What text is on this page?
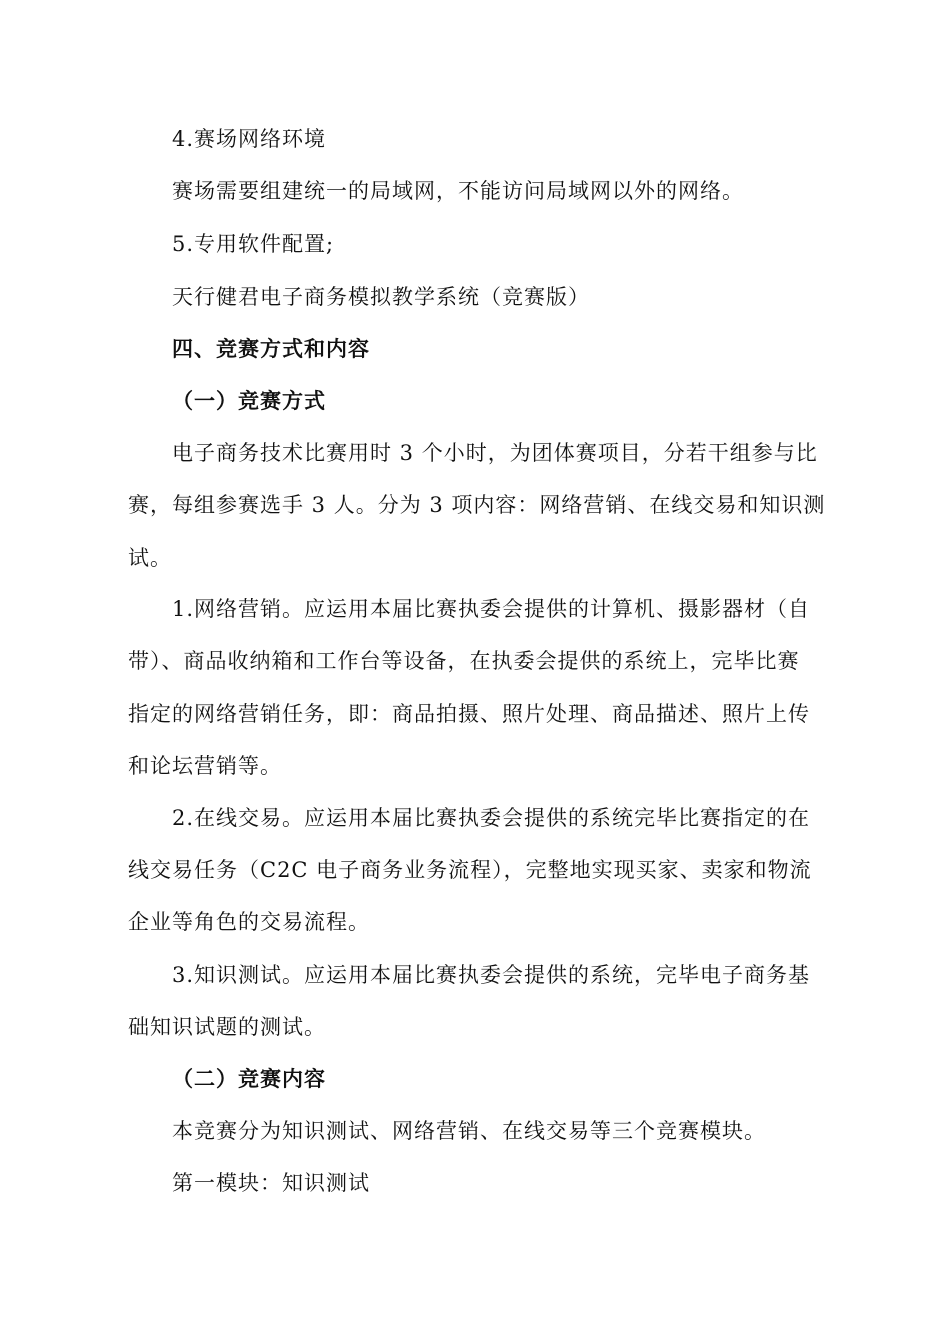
4.赛场网络环境
赛场需要组建统一的局域网，不能访问局域网以外的网络。
5.专用软件配置;
天行健君电子商务模拟教学系统（竞赛版）
四、竞赛方式和内容
（一）竞赛方式
电子商务技术比赛用时 3 个小时，为团体赛项目，分若干组参与比
赛，每组参赛选手 3 人。分为 3 项内容：网络营销、在线交易和知识测
试。
1.网络营销。应运用本届比赛执委会提供的计算机、摄影器材（自
带）、商品收纳箱和工作台等设备，在执委会提供的系统上，完毕比赛
指定的网络营销任务，即：商品拍摄、照片处理、商品描述、照片上传
和论坛营销等。
2.在线交易。应运用本届比赛执委会提供的系统完毕比赛指定的在
线交易任务（C2C 电子商务业务流程），完整地实现买家、卖家和物流
企业等角色的交易流程。
3.知识测试。应运用本届比赛执委会提供的系统，完毕电子商务基
础知识试题的测试。
（二）竞赛内容
本竞赛分为知识测试、网络营销、在线交易等三个竞赛模块。
第一模块：知识测试
